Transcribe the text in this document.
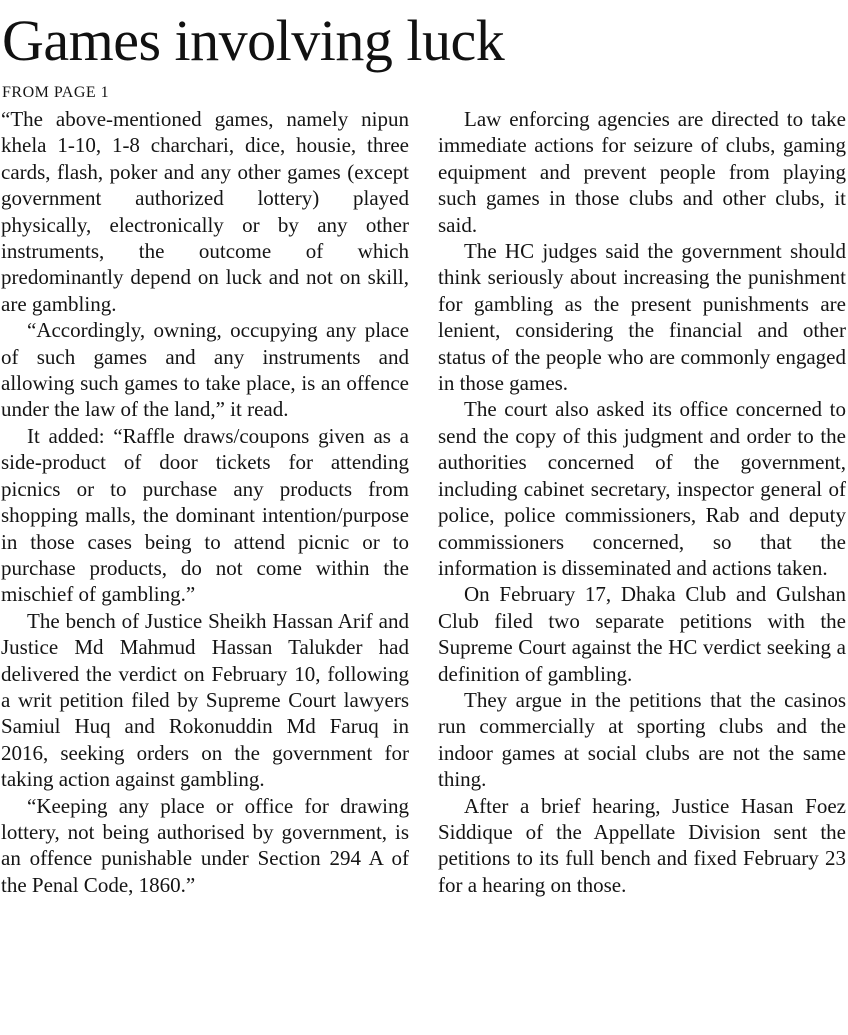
Games involving luck
FROM PAGE 1

“The above-mentioned games, namely nipun khela 1-10, 1-8 charchari, dice, housie, three cards, flash, poker and any other games (except government authorized lottery) played physically, electronically or by any other instruments, the outcome of which predominantly depend on luck and not on skill, are gambling.

“Accordingly, owning, occupying any place of such games and any instruments and allowing such games to take place, is an offence under the law of the land,” it read.

It added: “Raffle draws/coupons given as a side-product of door tickets for attending picnics or to purchase any products from shopping malls, the dominant intention/purpose in those cases being to attend picnic or to purchase products, do not come within the mischief of gambling.”

The bench of Justice Sheikh Hassan Arif and Justice Md Mahmud Hassan Talukder had delivered the verdict on February 10, following a writ petition filed by Supreme Court lawyers Samiul Huq and Rokonuddin Md Faruq in 2016, seeking orders on the government for taking action against gambling.

“Keeping any place or office for drawing lottery, not being authorised by government, is an offence punishable under Section 294 A of the Penal Code, 1860.”

Law enforcing agencies are directed to take immediate actions for seizure of clubs, gaming equipment and prevent people from playing such games in those clubs and other clubs, it said.

The HC judges said the government should think seriously about increasing the punishment for gambling as the present punishments are lenient, considering the financial and other status of the people who are commonly engaged in those games.

The court also asked its office concerned to send the copy of this judgment and order to the authorities concerned of the government, including cabinet secretary, inspector general of police, police commissioners, Rab and deputy commissioners concerned, so that the information is disseminated and actions taken.

On February 17, Dhaka Club and Gulshan Club filed two separate petitions with the Supreme Court against the HC verdict seeking a definition of gambling.

They argue in the petitions that the casinos run commercially at sporting clubs and the indoor games at social clubs are not the same thing.

After a brief hearing, Justice Hasan Foez Siddique of the Appellate Division sent the petitions to its full bench and fixed February 23 for a hearing on those.
